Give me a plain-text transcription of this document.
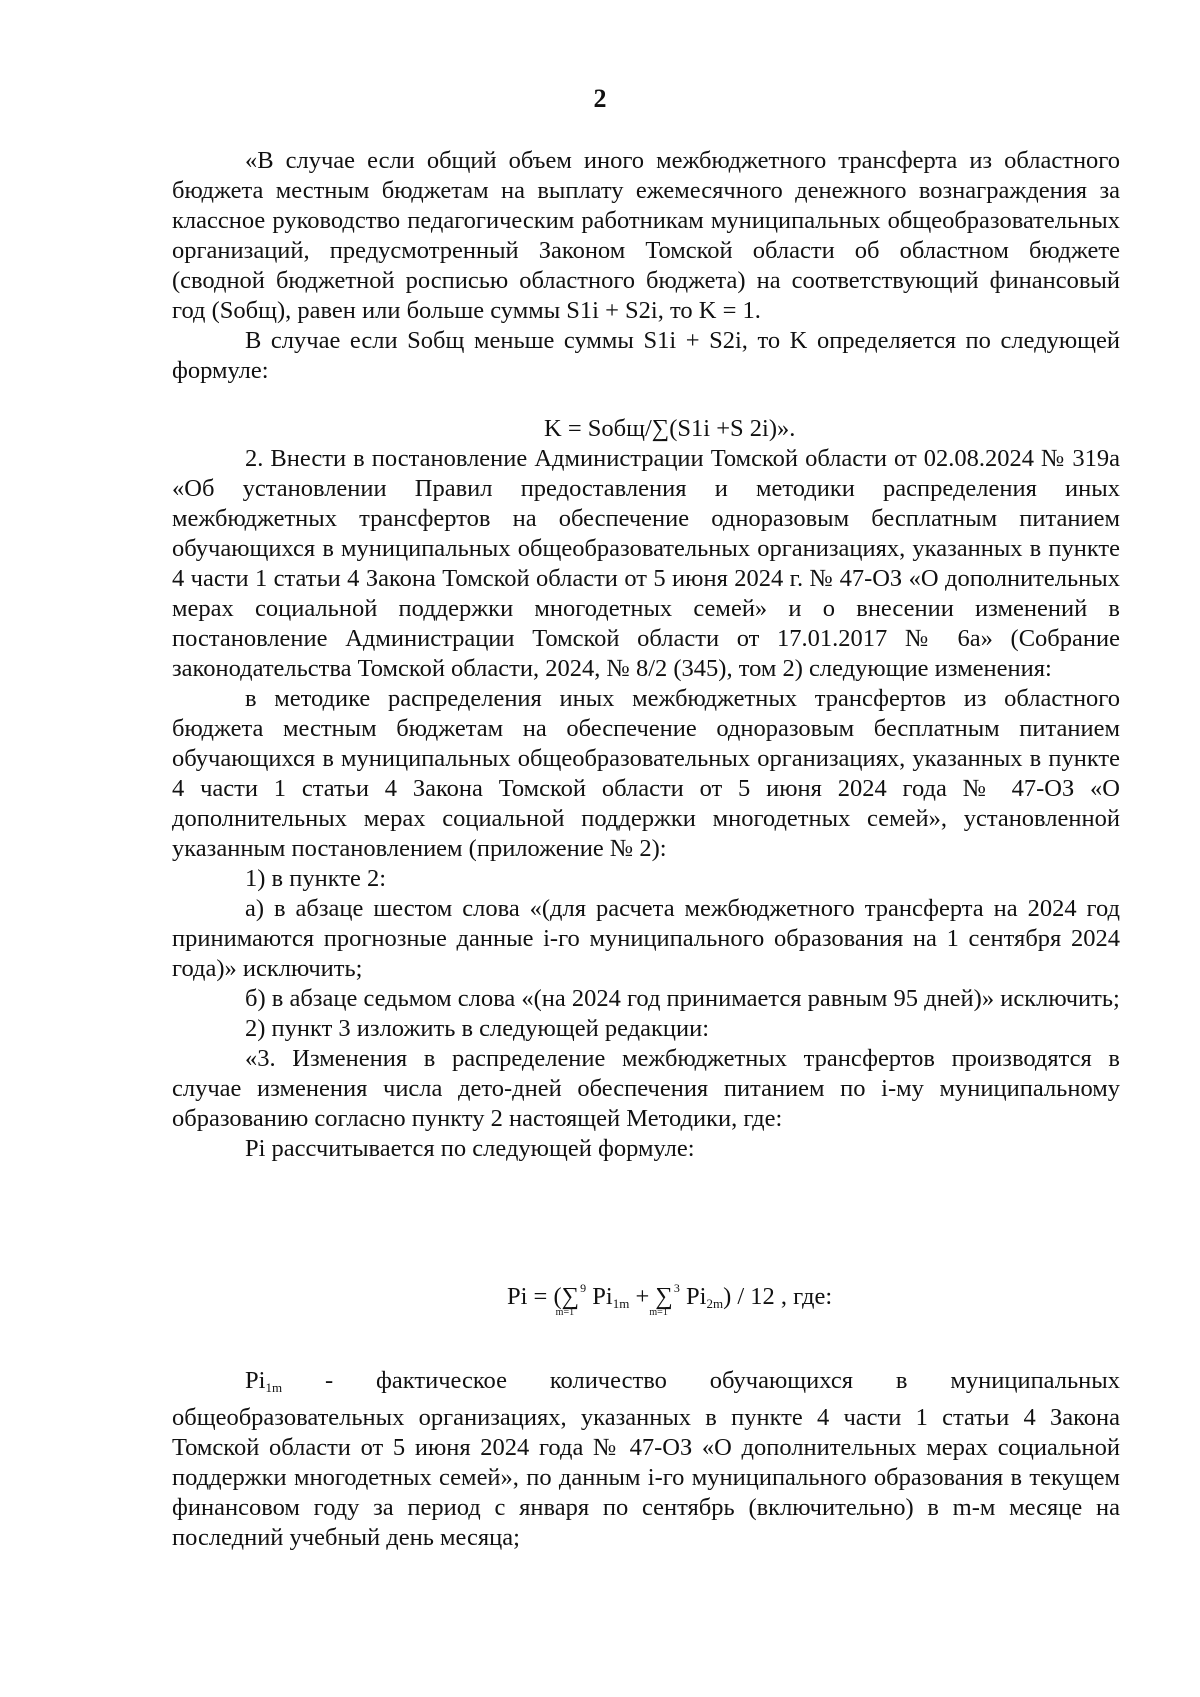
2

«В случае если общий объем иного межбюджетного трансферта из областного бюджета местным бюджетам на выплату ежемесячного денежного вознаграждения за классное руководство педагогическим работникам муниципальных общеобразовательных организаций, предусмотренный Законом Томской области об областном бюджете (сводной бюджетной росписью областного бюджета) на соответствующий финансовый год (Sобщ), равен или больше суммы S1i + S2i, то K = 1.

В случае если Sобщ меньше суммы S1i + S2i, то K определяется по следующей формуле:

K = Sобщ/∑(S1i +S 2i)».

2. Внести в постановление Администрации Томской области от 02.08.2024 № 319а «Об установлении Правил предоставления и методики распределения иных межбюджетных трансфертов на обеспечение одноразовым бесплатным питанием обучающихся в муниципальных общеобразовательных организациях, указанных в пункте 4 части 1 статьи 4 Закона Томской области от 5 июня 2024 г. № 47-ОЗ «О дополнительных мерах социальной поддержки многодетных семей» и о внесении изменений в постановление Администрации Томской области от 17.01.2017 № 6а» (Собрание законодательства Томской области, 2024, № 8/2 (345), том 2) следующие изменения:

в методике распределения иных межбюджетных трансфертов из областного бюджета местным бюджетам на обеспечение одноразовым бесплатным питанием обучающихся в муниципальных общеобразовательных организациях, указанных в пункте 4 части 1 статьи 4 Закона Томской области от 5 июня 2024 года № 47-ОЗ «О дополнительных мерах социальной поддержки многодетных семей», установленной указанным постановлением (приложение № 2):

1) в пункте 2:

а) в абзаце шестом слова «(для расчета межбюджетного трансферта на 2024 год принимаются прогнозные данные i-го муниципального образования на 1 сентября 2024 года)» исключить;

б) в абзаце седьмом слова «(на 2024 год принимается равным 95 дней)» исключить;

2) пункт 3 изложить в следующей редакции:

«3. Изменения в распределение межбюджетных трансфертов производятся в случае изменения числа дето-дней обеспечения питанием по i-му муниципальному образованию согласно пункту 2 настоящей Методики, где:

Pi рассчитывается по следующей формуле:

Pi = (∑$^9$
m=1
$Pi_{1m} + \sum^3$
m=1
$Pi_{2m}) / 12$ , где:

$Pi_{1m}$ - фактическое количество обучающихся в муниципальных общеобразовательных организациях, указанных в пункте 4 части 1 статьи 4 Закона Томской области от 5 июня 2024 года № 47-ОЗ «О дополнительных мерах социальной поддержки многодетных семей», по данным i-го муниципального образования в текущем финансовом году за период с января по сентябрь (включительно) в m-м месяце на последний учебный день месяца;
